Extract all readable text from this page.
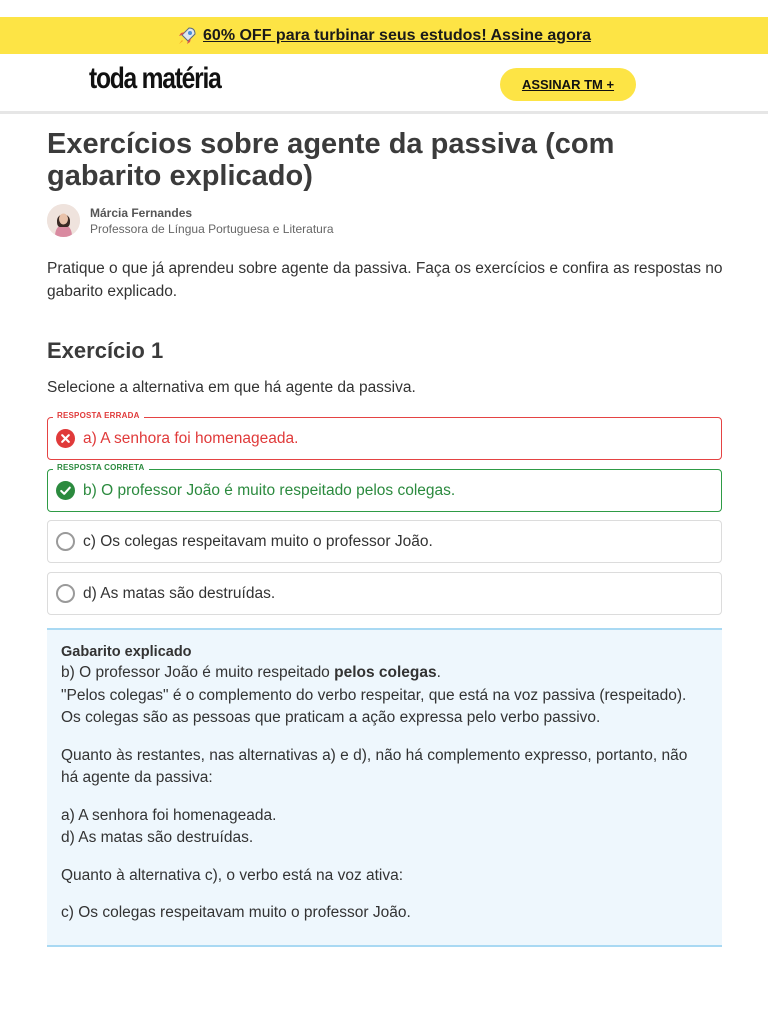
60% OFF para turbinar seus estudos! Assine agora
toda matéria	ASSINAR TM +
Exercícios sobre agente da passiva (com gabarito explicado)
Márcia Fernandes
Professora de Língua Portuguesa e Literatura

Pratique o que já aprendeu sobre agente da passiva. Faça os exercícios e confira as respostas no gabarito explicado.

Exercício 1

Selecione a alternativa em que há agente da passiva.

RESPOSTA ERRADA
a) A senhora foi homenageada.
RESPOSTA CORRETA
b) O professor João é muito respeitado pelos colegas.
c) Os colegas respeitavam muito o professor João.
d) As matas são destruídas.
Gabarito explicado

b) O professor João é muito respeitado pelos colegas.
"Pelos colegas" é o complemento do verbo respeitar, que está na voz passiva (respeitado).
Os colegas são as pessoas que praticam a ação expressa pelo verbo passivo.

Quanto às restantes, nas alternativas a) e d), não há complemento expresso, portanto, não há agente da passiva:

a) A senhora foi homenageada.
d) As matas são destruídas.

Quanto à alternativa c), o verbo está na voz ativa:

c) Os colegas respeitavam muito o professor João.
